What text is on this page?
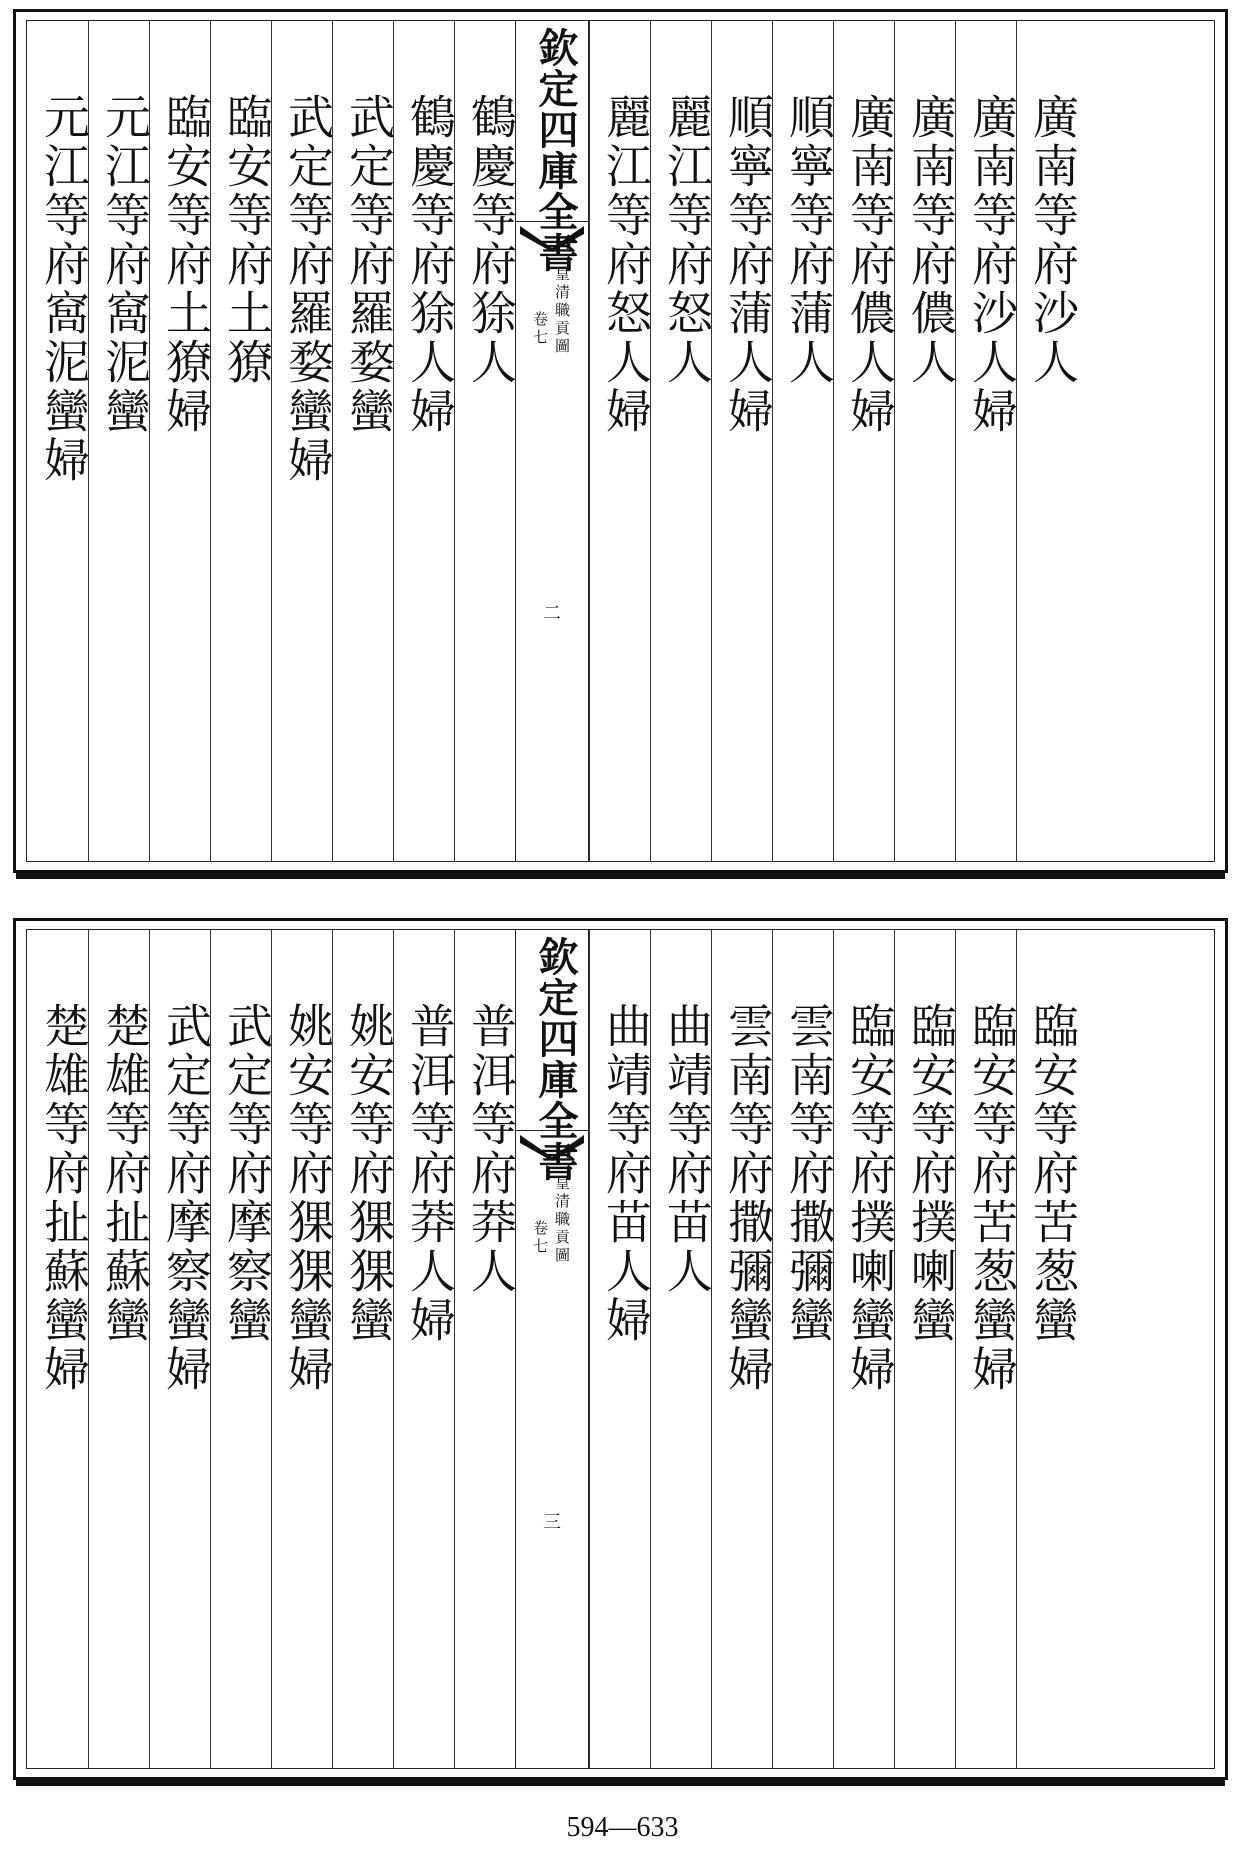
元江等府窩泥蠻婦 元江等府窩泥蠻 臨安等府土獠婦 臨安等府土獠 武定等府羅婺蠻婦 武定等府羅婺蠻 鶴慶等府狳人婦 鶴慶等府狳人 欽定四庫全書
皇清職貢圖
卷七
二
麗江等府怒人婦 麗江等府怒人 順寧等府蒲人婦 順寧等府蒲人 廣南等府儂人婦 廣南等府儂人 廣南等府沙人婦 廣南等府沙人
楚雄等府扯蘇蠻婦 楚雄等府扯蘇蠻 武定等府摩察蠻婦 武定等府摩察蠻 姚安等府猓猓蠻婦 姚安等府猓猓蠻 普洱等府莽人婦 普洱等府莽人 欽定四庫全書
皇清職貢圖
卷七
三
曲靖等府苗人婦 曲靖等府苗人 雲南等府撒彌蠻婦 雲南等府撒彌蠻 臨安等府撲喇蠻婦 臨安等府撲喇蠻 臨安等府苦葱蠻婦 臨安等府苦葱蠻
594—633
